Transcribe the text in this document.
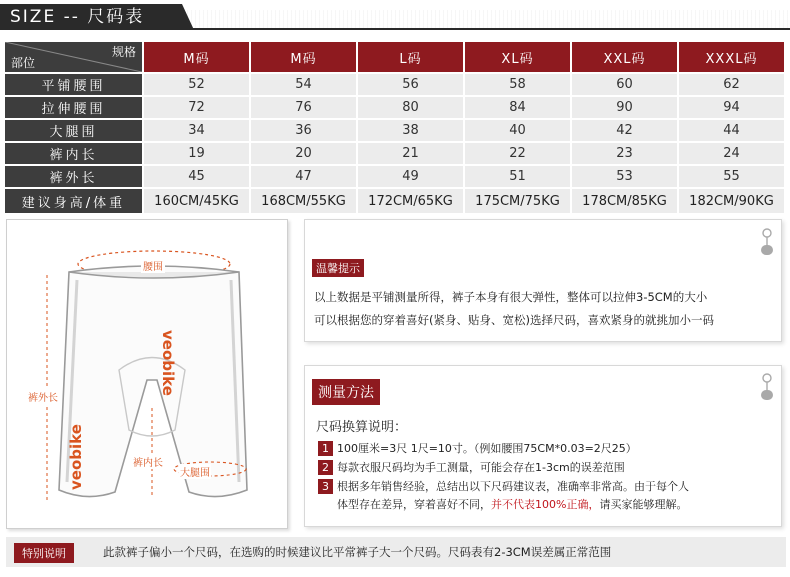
SIZE -- 尺码表
规格
部位	M码	M码	L码	XL码	XXL码	XXXL码
平铺腰围	52	54	56	58	60	62
拉伸腰围	72	76	80	84	90	94
大腿围	34	36	38	40	42	44
裤内长	19	20	21	22	23	24
裤外长	45	47	49	51	53	55
建议身高/体重	160CM/45KG	168CM/55KG	172CM/65KG	175CM/75KG	178CM/85KG	182CM/90KG
腰围
裤外长
裤内长
大腿围
veobike
veobike
温馨提示
以上数据是平铺测量所得，裤子本身有很大弹性，整体可以拉伸3-5CM的大小
可以根据您的穿着喜好(紧身、贴身、宽松)选择尺码，喜欢紧身的就挑加小一码
测量方法
尺码换算说明：
1 100厘米=3尺 1尺=10寸。（例如腰围75CM*0.03=2尺25）
2 每款衣服尺码均为手工测量，可能会存在1-3cm的误差范围
3 根据多年销售经验，总结出以下尺码建议表，准确率非常高。由于每个人
体型存在差异，穿着喜好不同，并不代表100%正确，请买家能够理解。
特别说明	此款裤子偏小一个尺码，在选购的时候建议比平常裤子大一个尺码。尺码表有2-3CM误差属正常范围
